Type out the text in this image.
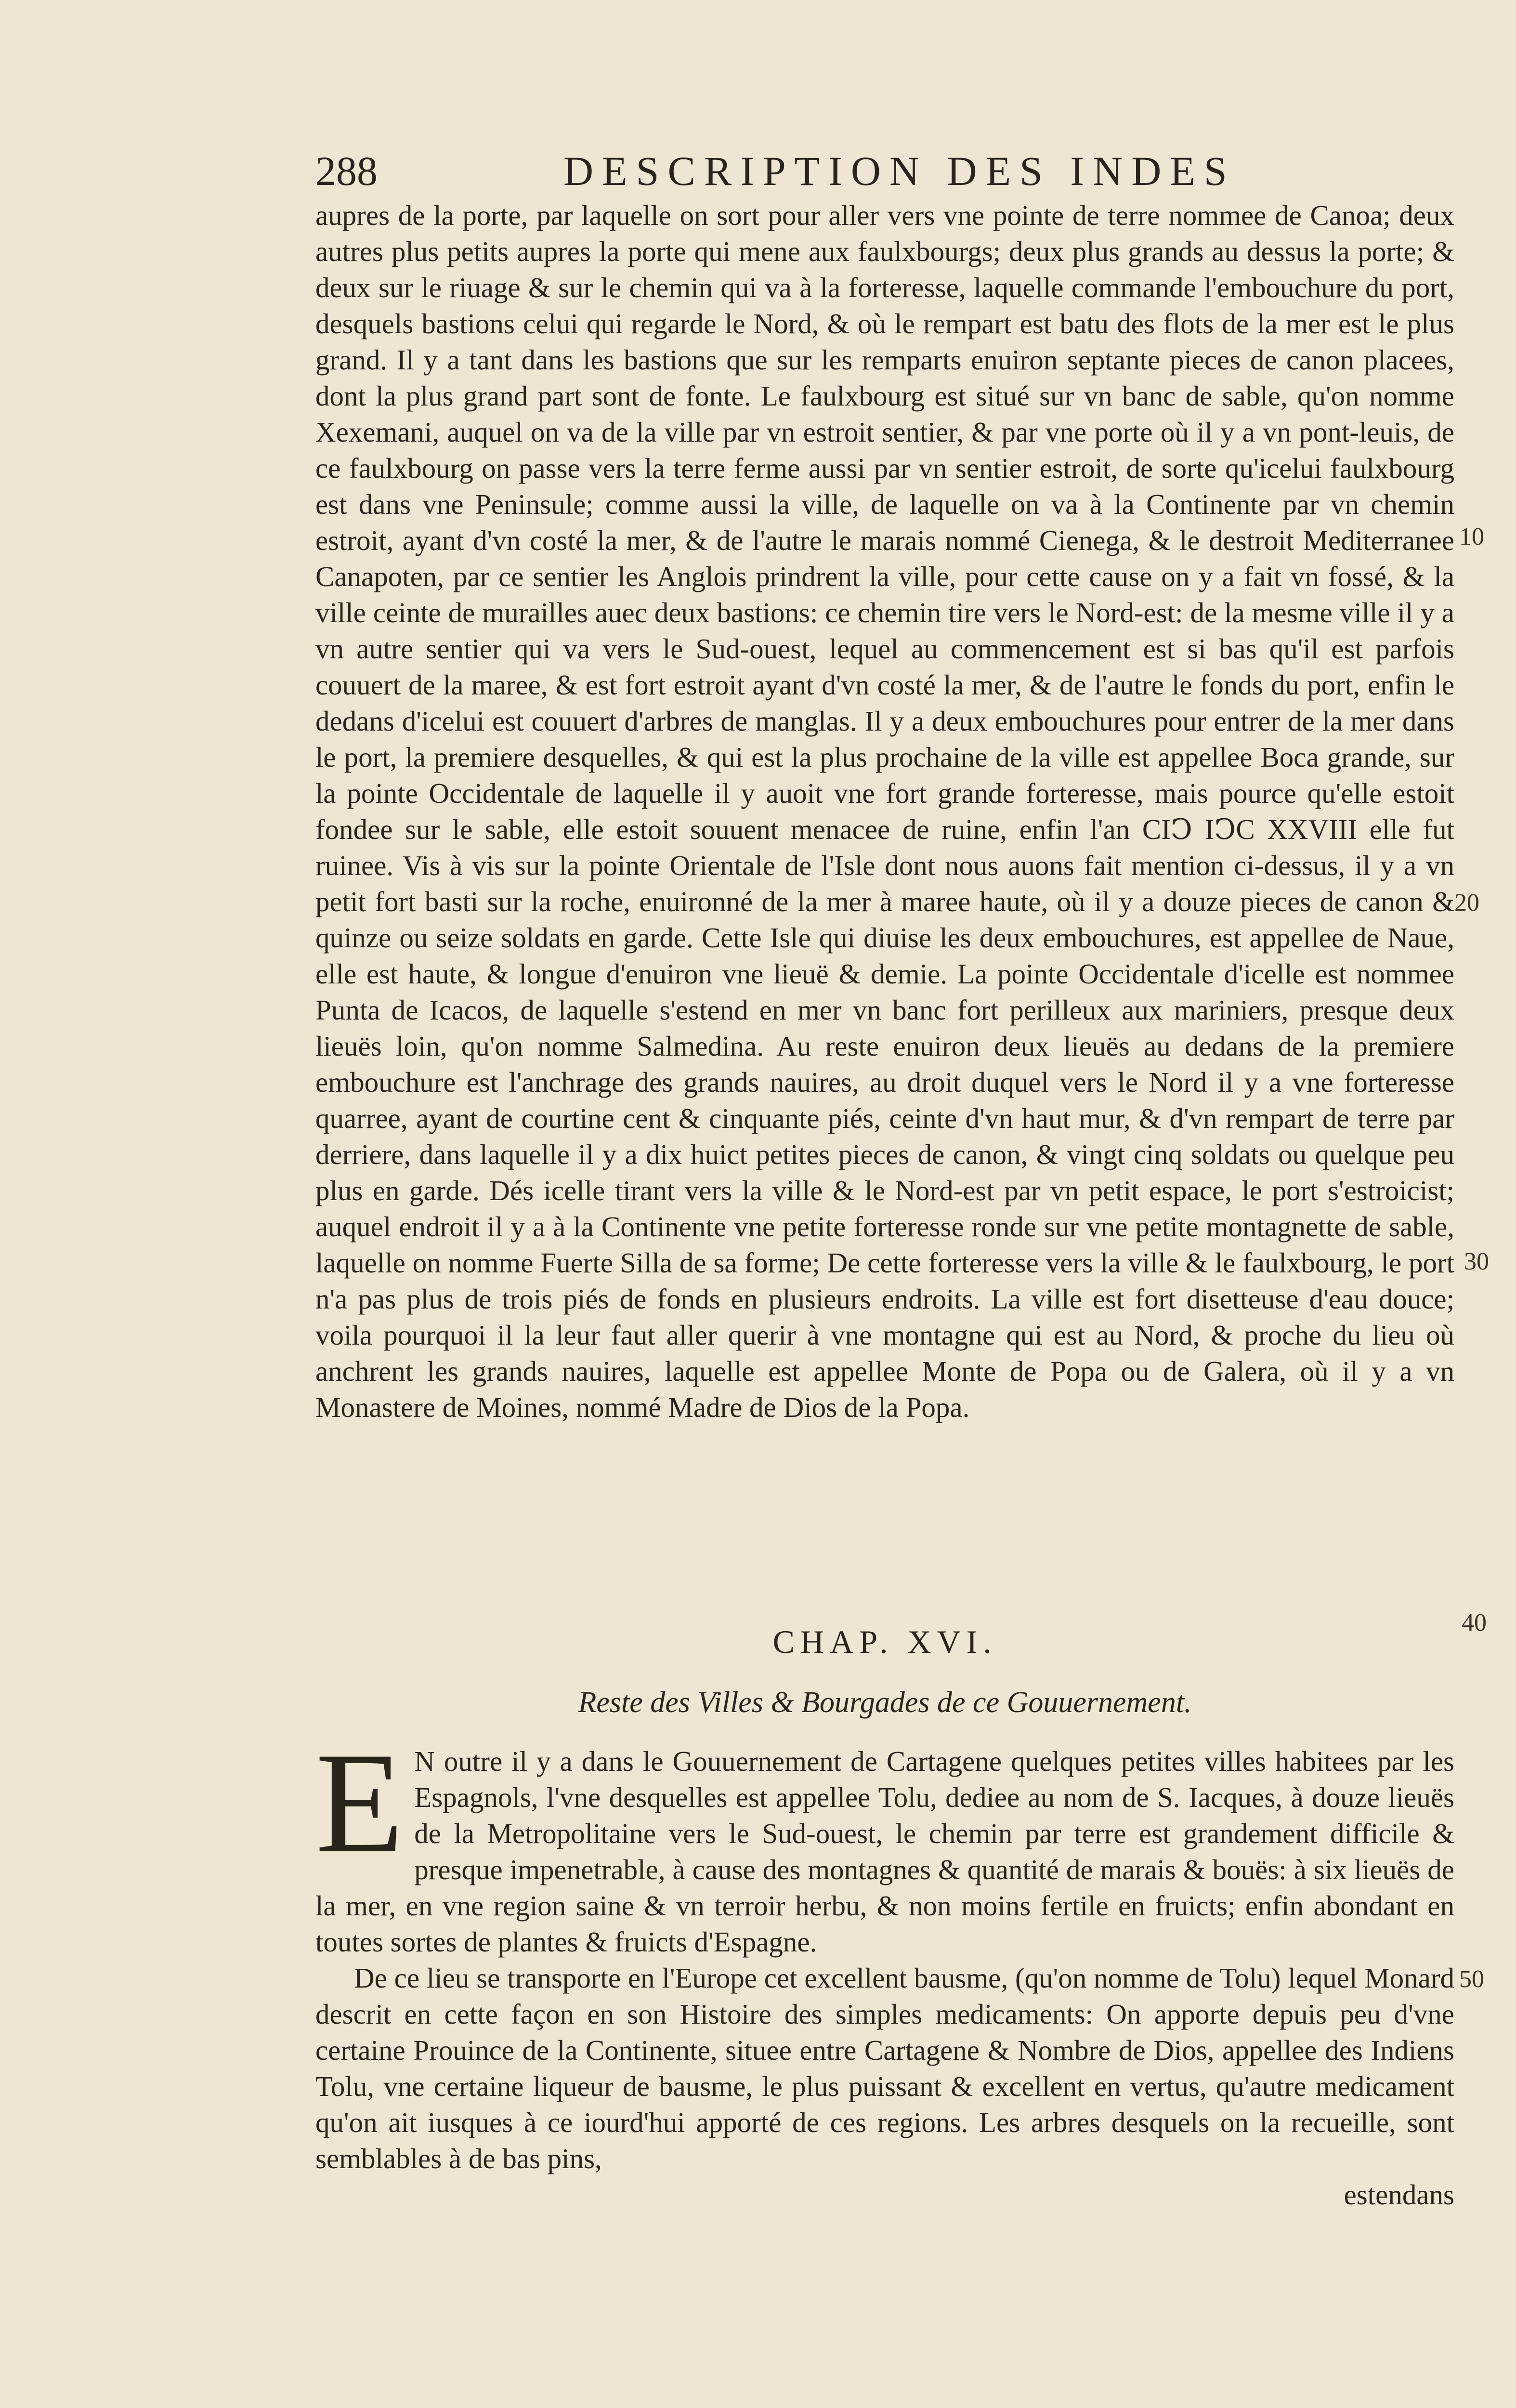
288	DESCRIPTION DES INDES

aupres de la porte, par laquelle on sort pour aller vers vne pointe de terre nommee de Canoa; deux autres plus petits aupres la porte qui mene aux faulxbourgs; deux plus grands au dessus la porte; & deux sur le riuage & sur le chemin qui va à la forteresse, laquelle commande l'embouchure du port, desquels bastions celui qui regarde le Nord, & où le rempart est batu des flots de la mer est le plus grand. Il y a tant dans les bastions que sur les remparts enuiron septante pieces de canon placees, dont la plus grand part sont de fonte. Le faulxbourg est situé sur vn banc de sable, qu'on nomme Xexemani, auquel on va de la ville par vn estroit sentier, & par vne porte où il y a vn pont-leuis, de ce faulxbourg on passe vers la terre ferme aussi par vn sentier estroit, de sorte qu'icelui faulxbourg est dans vne Peninsule; comme aussi la ville, de laquelle on va à la Continente par vn chemin estroit, ayant d'vn costé la mer, & de l'autre le marais nommé Cienega, & le destroit Mediterranee Canapoten, par ce sentier les Anglois prindrent la ville, pour cette cause on y a fait vn fossé, & la ville ceinte de murailles auec deux bastions: ce chemin tire vers le Nord-est: de la mesme ville il y a vn autre sentier qui va vers le Sud-ouest, lequel au commencement est si bas qu'il est parfois couuert de la maree, & est fort estroit ayant d'vn costé la mer, & de l'autre le fonds du port, enfin le dedans d'icelui est couuert d'arbres de manglas. Il y a deux embouchures pour entrer de la mer dans le port, la premiere desquelles, & qui est la plus prochaine de la ville est appellee Boca grande, sur la pointe Occidentale de laquelle il y auoit vne fort grande forteresse, mais pource qu'elle estoit fondee sur le sable, elle estoit souuent menacee de ruine, enfin l'an CIↃ IↃC XXVIII elle fut ruinee. Vis à vis sur la pointe Orientale de l'Isle dont nous auons fait mention ci-dessus, il y a vn petit fort basti sur la roche, enuironné de la mer à maree haute, où il y a douze pieces de canon & quinze ou seize soldats en garde. Cette Isle qui diuise les deux embouchures, est appellee de Naue, elle est haute, & longue d'enuiron vne lieuë & demie. La pointe Occidentale d'icelle est nommee Punta de Icacos, de laquelle s'estend en mer vn banc fort perilleux aux mariniers, presque deux lieuës loin, qu'on nomme Salmedina. Au reste enuiron deux lieuës au dedans de la premiere embouchure est l'anchrage des grands nauires, au droit duquel vers le Nord il y a vne forteresse quarree, ayant de courtine cent & cinquante piés, ceinte d'vn haut mur, & d'vn rempart de terre par derriere, dans laquelle il y a dix huict petites pieces de canon, & vingt cinq soldats ou quelque peu plus en garde. Dés icelle tirant vers la ville & le Nord-est par vn petit espace, le port s'estroicist; auquel endroit il y a à la Continente vne petite forteresse ronde sur vne petite montagnette de sable, laquelle on nomme Fuerte Silla de sa forme; De cette forteresse vers la ville & le faulxbourg, le port n'a pas plus de trois piés de fonds en plusieurs endroits. La ville est fort disetteuse d'eau douce; voila pourquoi il la leur faut aller querir à vne montagne qui est au Nord, & proche du lieu où anchrent les grands nauires, laquelle est appellee Monte de Popa ou de Galera, où il y a vn Monastere de Moines, nommé Madre de Dios de la Popa.

10
20
30
40
50
CHAP. XVI.
Reste des Villes & Bourgades de ce Gouuernement.

E N outre il y a dans le Gouuernement de Cartagene quelques petites villes habitees par les Espagnols, l'vne desquelles est appellee Tolu, dediee au nom de S. Iacques, à douze lieuës de la Metropolitaine vers le Sud-ouest, le chemin par terre est grandement difficile & presque impenetrable, à cause des montagnes & quantité de marais & bouës: à six lieuës de la mer, en vne region saine & vn terroir herbu, & non moins fertile en fruicts; enfin abondant en toutes sortes de plantes & fruicts d'Espagne.

De ce lieu se transporte en l'Europe cet excellent bausme, (qu'on nomme de Tolu) lequel Monard descrit en cette façon en son Histoire des simples medicaments: On apporte depuis peu d'vne certaine Prouince de la Continente, situee entre Cartagene & Nombre de Dios, appellee des Indiens Tolu, vne certaine liqueur de bausme, le plus puissant & excellent en vertus, qu'autre medicament qu'on ait iusques à ce iourd'hui apporté de ces regions. Les arbres desquels on la recueille, sont semblables à de bas pins,

estendans
